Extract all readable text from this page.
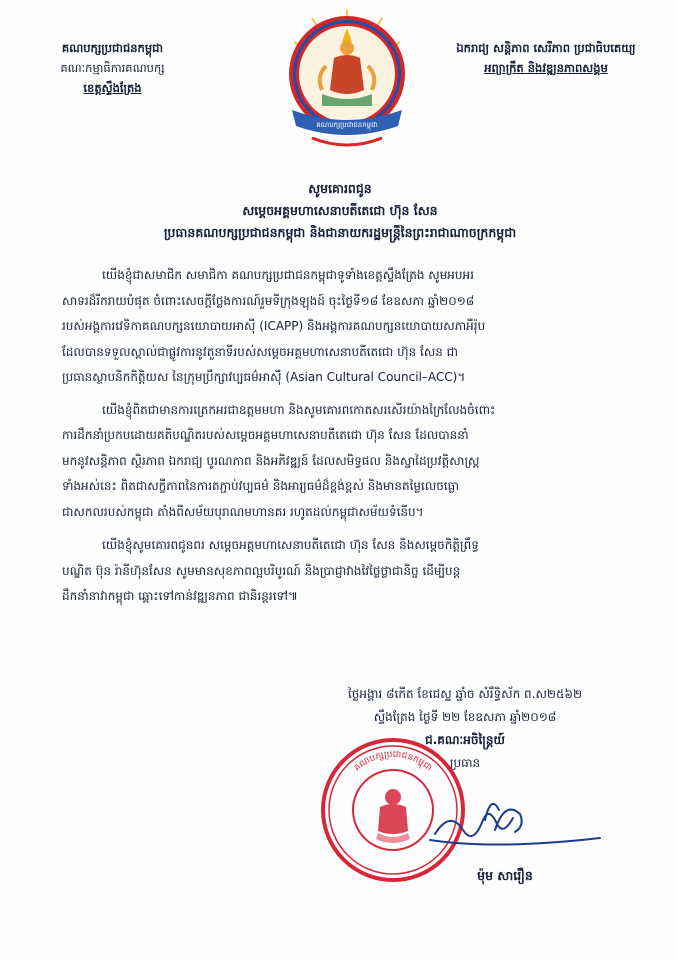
គណបក្សប្រជាជនកម្ពុជា
គណៈកម្មាធិការគណបក្ស
ខេត្តស្ទឹងត្រែង
គណបក្សប្រជាជនកម្ពុជា
ឯករាជ្យ សន្តិភាព សេរីភាព ប្រជាធិបតេយ្យ
អព្យាក្រឹត និងវឌ្ឍនភាពសង្គម
សូមគោរពជូន
សម្តេចអគ្គមហាសេនាបតីតេជោ ហ៊ុន សែន
ប្រធានគណបក្សប្រជាជនកម្ពុជា និងជានាយករដ្ឋមន្ត្រីនៃព្រះរាជាណាចក្រកម្ពុជា

យើងខ្ញុំជាសមាជិក សមាជិកា គណបក្សប្រជាជនកម្ពុជាទូទាំងខេត្តស្ទឹងត្រែង សូមអបអរ
សាទរដ៏រីករាយបំផុត ចំពោះសេចក្តីថ្លែងការណ៍រួមទីក្រុងឡុងដ៍ ចុះថ្ងៃទី១៨ ខែឧសភា ឆ្នាំ២០១៨
របស់អង្គការវេទិកាគណបក្សនយោបាយអាស៊ី (ICAPP) និងអង្គការគណបក្សនយោបាយសភាអឺរ៉ុប
ដែលបានទទួលស្គាល់ជាផ្លូវការនូវតួនាទីរបស់សម្តេចអគ្គមហាសេនាបតីតេជោ ហ៊ុន សែន ជា
ប្រធានស្ថាបនិកកិត្តិយស នៃក្រុមប្រឹក្សាវប្បធម៌អាស៊ី (Asian Cultural Council–ACC)។

យើងខ្ញុំពិតជាមានការត្រេកអរជាឧត្តមមហា និងសូមគោរពកោតសរសើរយ៉ាងក្រៃលែងចំពោះ
ការដឹកនាំប្រកបដោយគតិបណ្ឌិតរបស់សម្តេចអគ្គមហាសេនាបតីតេជោ ហ៊ុន សែន ដែលបាននាំ
មកនូវសន្តិភាព ស្ថិរភាព ឯករាជ្យ បូរណភាព និងអភិវឌ្ឍន៍ ដែលសមិទ្ធផល និងស្នាដៃប្រវត្តិសាស្ត្រ
ទាំងអស់នេះ ពិតជាសក្ខីភាពនៃការតភ្ជាប់វប្បធម៌ និងអារ្យធម៌ដ៏ខ្ពង់ខ្ពស់ និងមានតម្លៃលេចធ្លោ
ជាសកលរបស់កម្ពុជា តាំងពីសម័យបុរាណមហានគរ រហូតដល់កម្ពុជាសម័យទំនើប។

យើងខ្ញុំសូមគោរពជូនពរ សម្តេចអគ្គមហាសេនាបតីតេជោ ហ៊ុន សែន និងសម្តេចកិត្តិព្រឹទ្ធ
បណ្ឌិត ប៊ុន រ៉ានីហ៊ុនសែន សូមមានសុខភាពល្អបរិបូរណ៍ និងប្រាជ្ញាវាងវៃថ្លៃថ្លាជានិច្ច ដើម្បីបន្ត
ដឹកនាំនាវាកម្ពុជា ឆ្ពោះទៅកាន់វឌ្ឍនភាព ជានិរន្តរទៅ៕

ថ្ងៃអង្គារ ៨កើត ខែជេស្ឋ ឆ្នាំច សំរឹទ្ធិស័ក ព.ស២៥៦២
ស្ទឹងត្រែង ថ្ងៃទី ២២ ខែឧសភា ឆ្នាំ២០១៨
ជ.គណៈអចិន្ត្រៃយ៍
ប្រធាន
គណបក្សប្រជាជនកម្ពុជា
ម៉ុម សារឿន
